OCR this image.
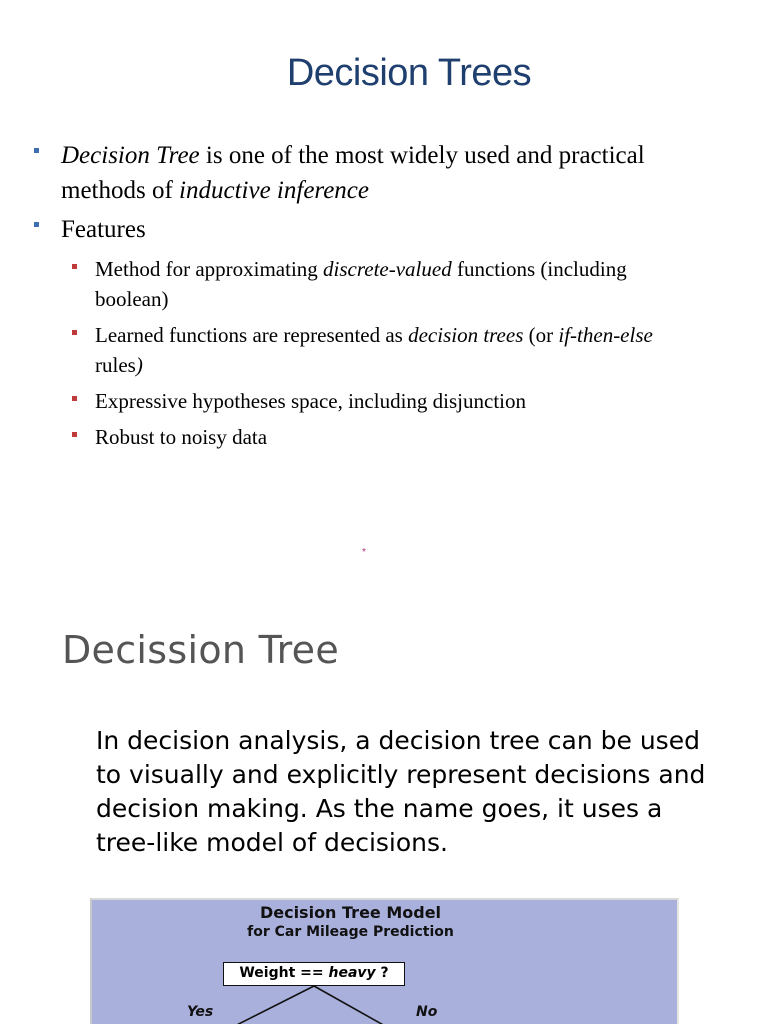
Decision Trees
Decision Tree is one of the most widely used and practical methods of inductive inference
Features
Method for approximating discrete-valued functions (including boolean)
Learned functions are represented as decision trees (or if-then-else rules)
Expressive hypotheses space, including disjunction
Robust to noisy data
*
Decission Tree

In decision analysis, a decision tree can be used to visually and explicitly represent decisions and decision making. As the name goes, it uses a tree-like model of decisions.

Decision Tree Model
for Car Mileage Prediction
Weight == heavy ?
Yes	No
